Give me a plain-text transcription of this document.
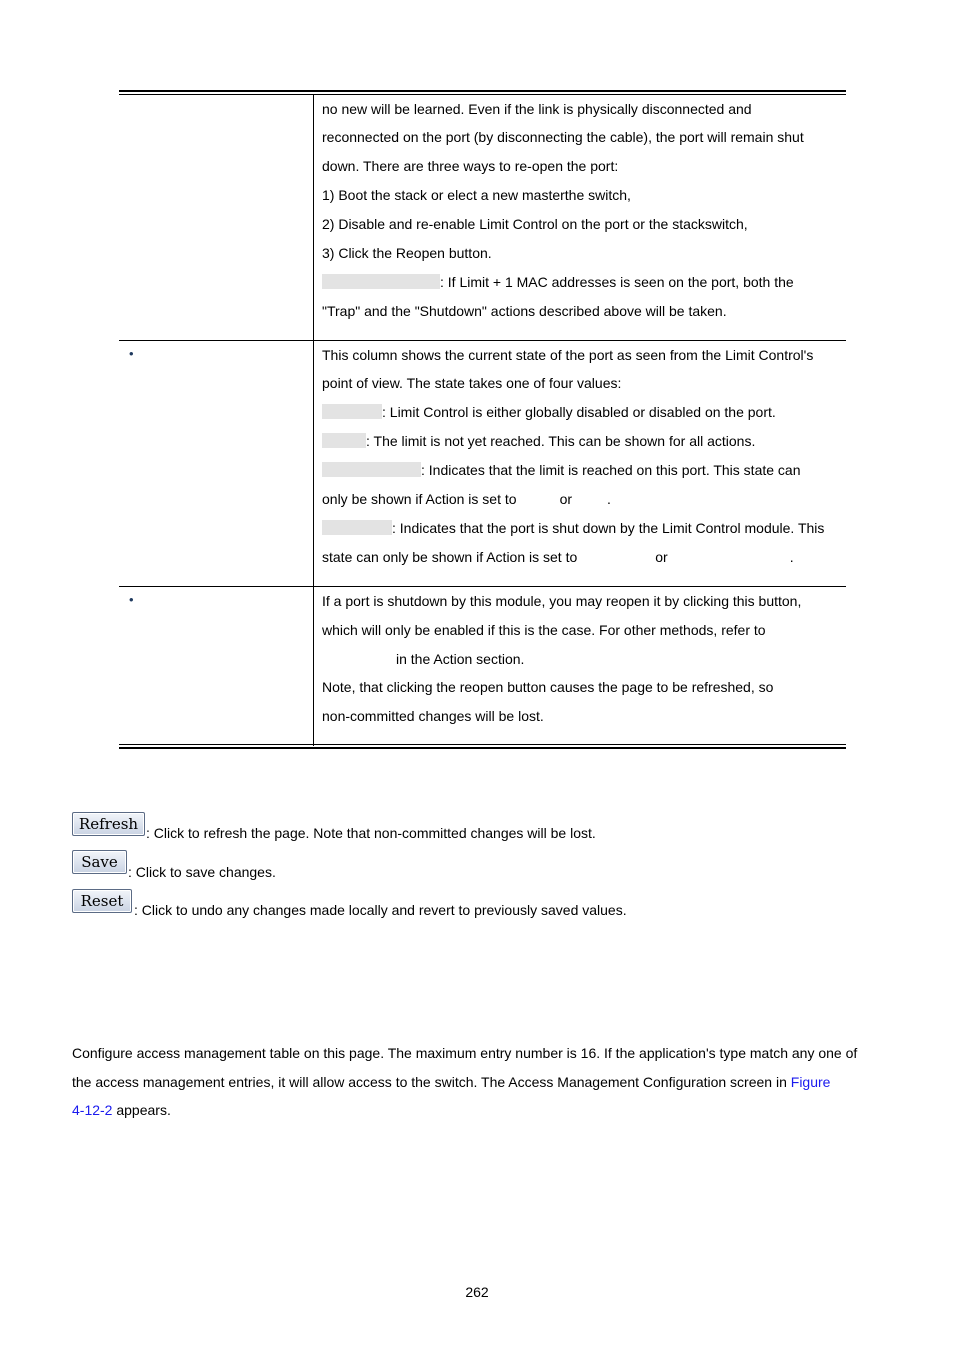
no new will be learned. Even if the link is physically disconnected and
reconnected on the port (by disconnecting the cable), the port will remain shut
down. There are three ways to re-open the port:
1) Boot the stack or elect a new masterthe switch,
2) Disable and re-enable Limit Control on the port or the stackswitch,
3) Click the Reopen button.
: If Limit + 1 MAC addresses is seen on the port, both the
"Trap" and the "Shutdown" actions described above will be taken.
•	This column shows the current state of the port as seen from the Limit Control's
point of view. The state takes one of four values:
: Limit Control is either globally disabled or disabled on the port.
: The limit is not yet reached. This can be shown for all actions.
: Indicates that the limit is reached on this port. This state can
only be shown if Action is set to	or	.
: Indicates that the port is shut down by the Limit Control module. This
state can only be shown if Action is set to	or	.
•	If a port is shutdown by this module, you may reopen it by clicking this button,
which will only be enabled if this is the case. For other methods, refer to
in the Action section.
Note, that clicking the reopen button causes the page to be refreshed, so
non-committed changes will be lost.
Refresh : Click to refresh the page. Note that non-committed changes will be lost.
Save
: Click to save changes.
Reset : Click to undo any changes made locally and revert to previously saved values.
Configure access management table on this page. The maximum entry number is 16. If the application's type match any one of
the access management entries, it will allow access to the switch. The Access Management Configuration screen in Figure
4-12-2 appears.
262
